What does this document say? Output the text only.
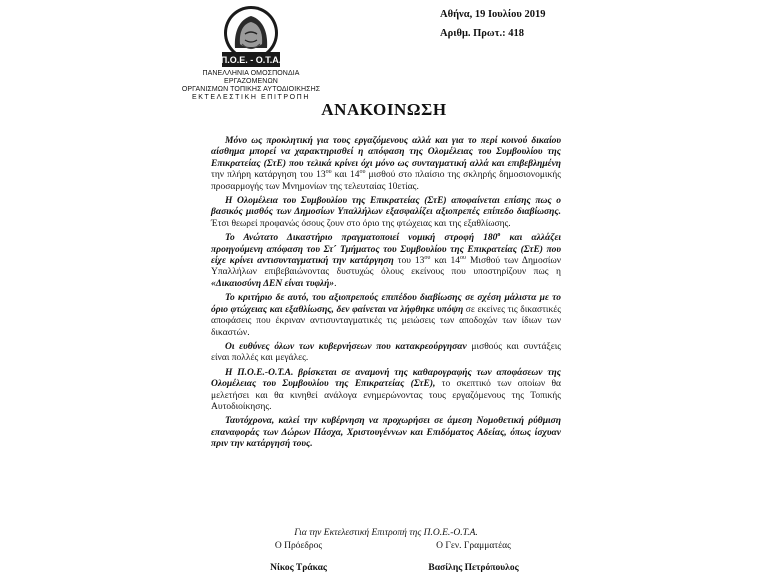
Π.Ο.Ε. - Ο.Τ.Α.
ΠΑΝΕΛΛΗΝΙΑ ΟΜΟΣΠΟΝΔΙΑ ΕΡΓΑΖΟΜΕΝΩΝ
ΟΡΓΑΝΙΣΜΩΝ ΤΟΠΙΚΗΣ ΑΥΤΟΔΙΟΙΚΗΣΗΣ
ΕΚΤΕΛΕΣΤΙΚΗ ΕΠΙΤΡΟΠΗ
Αθήνα, 19 Ιουλίου 2019
Αριθμ. Πρωτ.: 418
ΑΝΑΚΟΙΝΩΣΗ

Μόνο ως προκλητική για τους εργαζόμενους αλλά και για το περί κοινού δικαίου αίσθημα μπορεί να χαρακτηρισθεί η απόφαση της Ολομέλειας του Συμβουλίου της Επικρατείας (ΣτΕ) που τελικά κρίνει όχι μόνο ως συνταγματική αλλά και επιβεβλημένη την πλήρη κατάργηση του $13^{o\upsilon}$ και $14^{o\upsilon}$ μισθού στο πλαίσιο της σκληρής δημοσιονομικής προσαρμογής των Μνημονίων της τελευταίας 10ετίας.

Η Ολομέλεια του Συμβουλίου της Επικρατείας (ΣτΕ) αποφαίνεται επίσης πως ο βασικός μισθός των Δημοσίων Υπαλλήλων εξασφαλίζει αξιοπρεπές επίπεδο διαβίωσης. Έτσι θεωρεί προφανώς όσους ζουν στο όριο της φτώχειας και της εξαθλίωσης.

Το Ανώτατο Δικαστήριο πραγματοποιεί νομική στροφή $180^o$ και αλλάζει προηγούμενη απόφαση του Στ΄ Τμήματος του Συμβουλίου της Επικρατείας (ΣτΕ) που είχε κρίνει αντισυνταγματική την κατάργηση του $13^{o\upsilon}$ και $14^{o\upsilon}$ Μισθού των Δημοσίων Υπαλλήλων επιβεβαιώνοντας δυστυχώς όλους εκείνους που υποστηρίζουν πως η «Δικαιοσύνη ΔΕΝ είναι τυφλή».

Το κριτήριο δε αυτό, του αξιοπρεπούς επιπέδου διαβίωσης σε σχέση μάλιστα με το όριο φτώχειας και εξαθλίωσης, δεν φαίνεται να λήφθηκε υπόψη σε εκείνες τις δικαστικές αποφάσεις που έκριναν αντισυνταγματικές τις μειώσεις των αποδοχών των ίδιων των δικαστών.

Οι ευθύνες όλων των κυβερνήσεων που κατακρεούργησαν μισθούς και συντάξεις είναι πολλές και μεγάλες.

Η Π.Ο.Ε.-Ο.Τ.Α. βρίσκεται σε αναμονή της καθαρογραφής των αποφάσεων της Ολομέλειας του Συμβουλίου της Επικρατείας (ΣτΕ), το σκεπτικό των οποίων θα μελετήσει και θα κινηθεί ανάλογα ενημερώνοντας τους εργαζόμενους της Τοπικής Αυτοδιοίκησης.

Ταυτόχρονα, καλεί την κυβέρνηση να προχωρήσει σε άμεση Νομοθετική ρύθμιση επαναφοράς των Δώρων Πάσχα, Χριστουγέννων και Επιδόματος Αδείας, όπως ίσχυαν πριν την κατάργησή τους.

Για την Εκτελεστική Επιτροπή της Π.Ο.Ε.-Ο.Τ.Α.
Ο Πρόεδρος	Ο Γεν. Γραμματέας
Νίκος Τράκας	Βασίλης Πετρόπουλος
